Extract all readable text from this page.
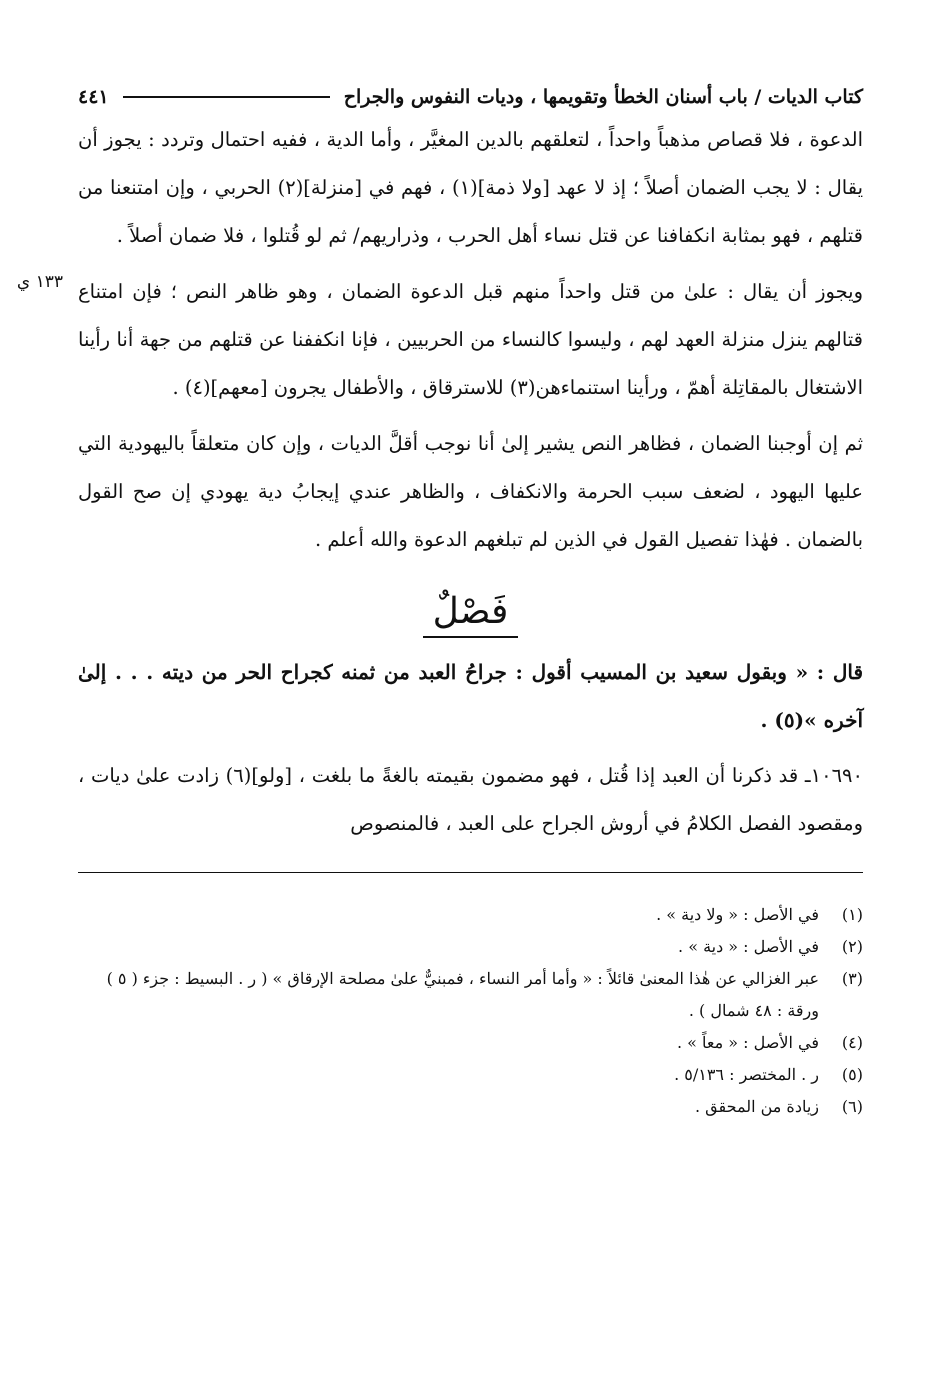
١٣٣ ي
كتاب الديات / باب أسنان الخطأ وتقويمها ، وديات النفوس والجراح
٤٤١

الدعوة ، فلا قصاص مذهباً واحداً ، لتعلقهم بالدين المغيَّر ، وأما الدية ، ففيه احتمال وتردد : يجوز أن يقال : لا يجب الضمان أصلاً ؛ إذ لا عهد [ولا ذمة](١) ، فهم في [منزلة](٢) الحربي ، وإن امتنعنا من قتلهم ، فهو بمثابة انكفافنا عن قتل نساء أهل الحرب ، وذراريهم/ ثم لو قُتلوا ، فلا ضمان أصلاً .

ويجوز أن يقال : علىٰ من قتل واحداً منهم قبل الدعوة الضمان ، وهو ظاهر النص ؛ فإن امتناع قتالهم ينزل منزلة العهد لهم ، وليسوا كالنساء من الحربيين ، فإنا انكففنا عن قتلهم من جهة أنا رأينا الاشتغال بالمقاتِلة أهمّ ، ورأينا استنماءهن(٣) للاسترقاق ، والأطفال يجرون [معهم](٤) .

ثم إن أوجبنا الضمان ، فظاهر النص يشير إلىٰ أنا نوجب أقلَّ الديات ، وإن كان متعلقاً باليهودية التي عليها اليهود ، لضعف سبب الحرمة والانكفاف ، والظاهر عندي إيجابُ دية يهودي إن صح القول بالضمان . فهٰذا تفصيل القول في الذين لم تبلغهم الدعوة والله أعلم .

فَصْلٌ

قال : « وبقول سعيد بن المسيب أقول : جراحُ العبد من ثمنه كجراح الحر من ديته . . . إلىٰ آخره »(٥) .

١٠٦٩٠ـ قد ذكرنا أن العبد إذا قُتل ، فهو مضمون بقيمته بالغةً ما بلغت ، [ولو](٦) زادت علىٰ ديات ، ومقصود الفصل الكلامُ في أروش الجراح على العبد ، فالمنصوص

(١)
في الأصل : « ولا دية » .
(٢)
في الأصل : « دية » .
(٣)
عبر الغزالي عن هٰذا المعنىٰ قائلاً : « وأما أمر النساء ، فمبنيٌّ علىٰ مصلحة الإرقاق » ( ر . البسيط : جزء ( ٥ ) ورقة : ٤٨ شمال ) .
(٤)
في الأصل : « معاً » .
(٥)
ر . المختصر : ٥/١٣٦ .
(٦)
زيادة من المحقق .
